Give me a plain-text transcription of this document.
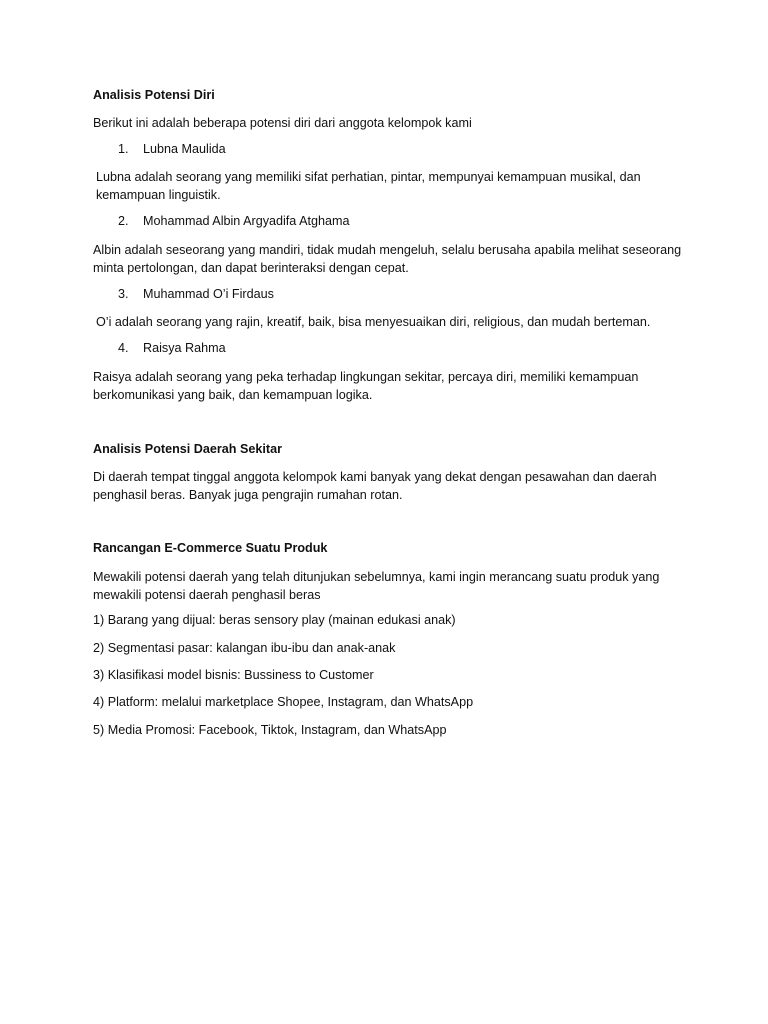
Analisis Potensi Diri
Berikut ini adalah beberapa potensi diri dari anggota kelompok kami
1. Lubna Maulida
Lubna adalah seorang yang memiliki sifat perhatian, pintar, mempunyai kemampuan musikal, dan kemampuan linguistik.
2. Mohammad Albin Argyadifa Atghama
Albin adalah seseorang yang mandiri, tidak mudah mengeluh, selalu berusaha apabila melihat seseorang minta pertolongan, dan dapat berinteraksi dengan cepat.
3. Muhammad O’i Firdaus
O’i adalah seorang yang rajin, kreatif, baik, bisa menyesuaikan diri, religious, dan mudah berteman.
4. Raisya Rahma
Raisya adalah seorang yang peka terhadap lingkungan sekitar, percaya diri, memiliki kemampuan berkomunikasi yang baik, dan kemampuan logika.
Analisis Potensi Daerah Sekitar
Di daerah tempat tinggal anggota kelompok kami banyak yang dekat dengan pesawahan dan daerah penghasil beras. Banyak juga pengrajin rumahan rotan.
Rancangan E-Commerce Suatu Produk
Mewakili potensi daerah yang telah ditunjukan sebelumnya, kami ingin merancang suatu produk yang mewakili potensi daerah penghasil beras
1) Barang yang dijual: beras sensory play (mainan edukasi anak)
2) Segmentasi pasar: kalangan ibu-ibu dan anak-anak
3) Klasifikasi model bisnis: Bussiness to Customer
4) Platform: melalui marketplace Shopee, Instagram, dan WhatsApp
5) Media Promosi: Facebook, Tiktok, Instagram, dan WhatsApp
